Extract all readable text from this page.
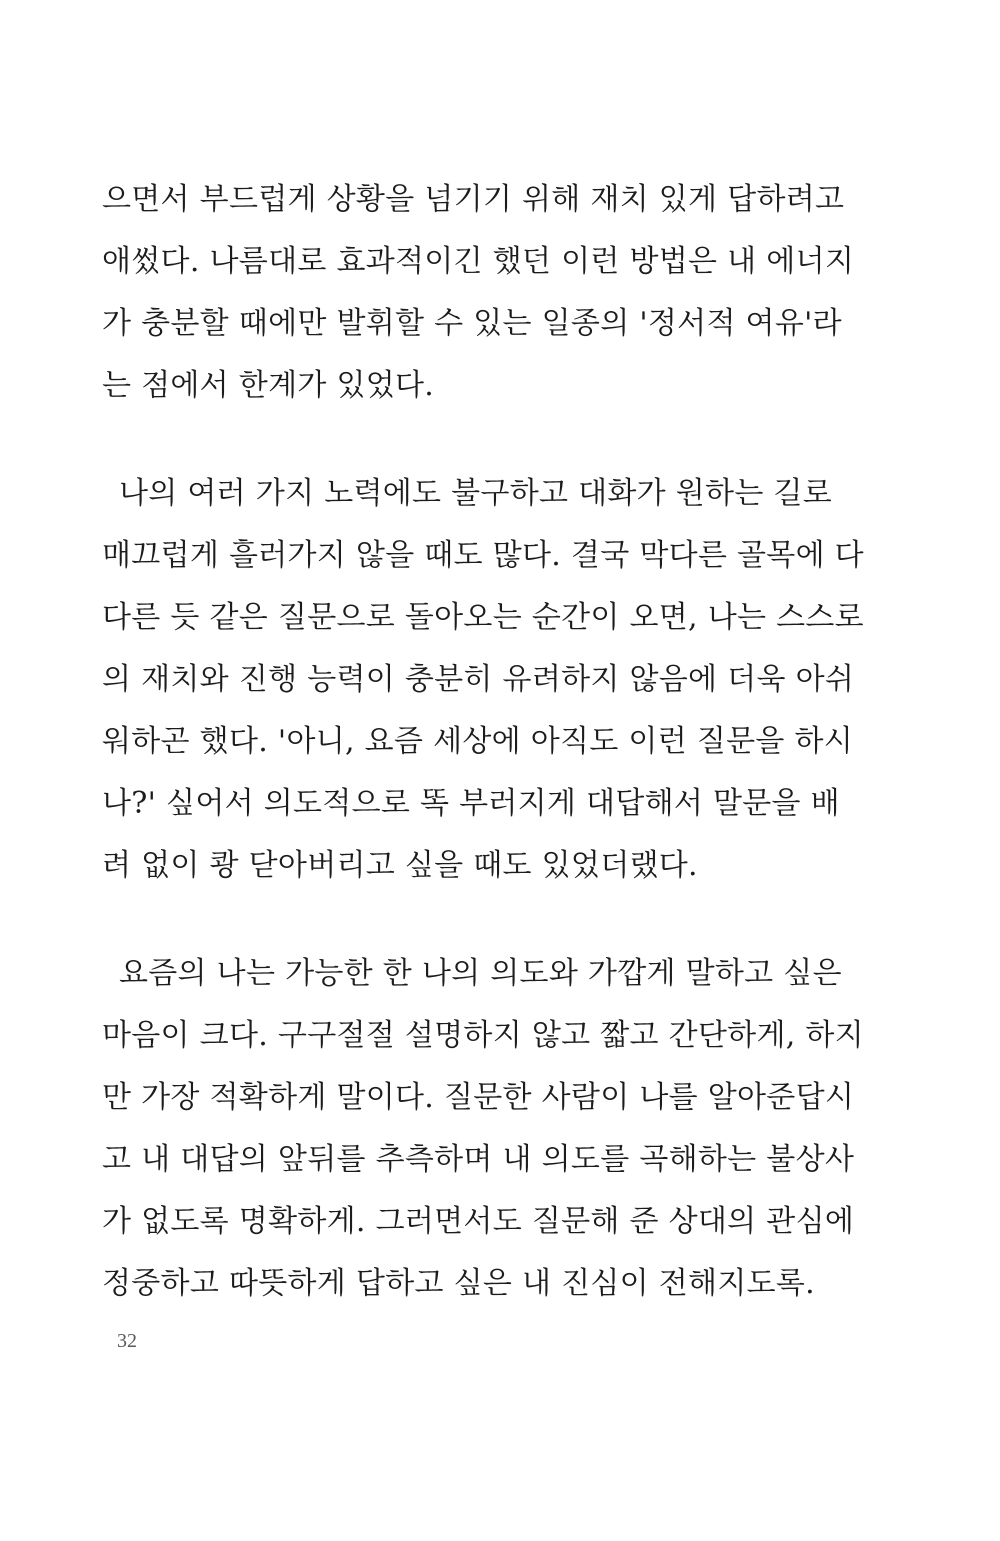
으면서 부드럽게 상황을 넘기기 위해 재치 있게 답하려고
애썼다. 나름대로 효과적이긴 했던 이런 방법은 내 에너지
가 충분할 때에만 발휘할 수 있는 일종의 '정서적 여유'라
는 점에서 한계가 있었다.

나의 여러 가지 노력에도 불구하고 대화가 원하는 길로
매끄럽게 흘러가지 않을 때도 많다. 결국 막다른 골목에 다
다른 듯 같은 질문으로 돌아오는 순간이 오면, 나는 스스로
의 재치와 진행 능력이 충분히 유려하지 않음에 더욱 아쉬
워하곤 했다. '아니, 요즘 세상에 아직도 이런 질문을 하시
나?' 싶어서 의도적으로 똑 부러지게 대답해서 말문을 배
려 없이 쾅 닫아버리고 싶을 때도 있었더랬다.

요즘의 나는 가능한 한 나의 의도와 가깝게 말하고 싶은
마음이 크다. 구구절절 설명하지 않고 짧고 간단하게, 하지
만 가장 적확하게 말이다. 질문한 사람이 나를 알아준답시
고 내 대답의 앞뒤를 추측하며 내 의도를 곡해하는 불상사
가 없도록 명확하게. 그러면서도 질문해 준 상대의 관심에
정중하고 따뜻하게 답하고 싶은 내 진심이 전해지도록.

32
